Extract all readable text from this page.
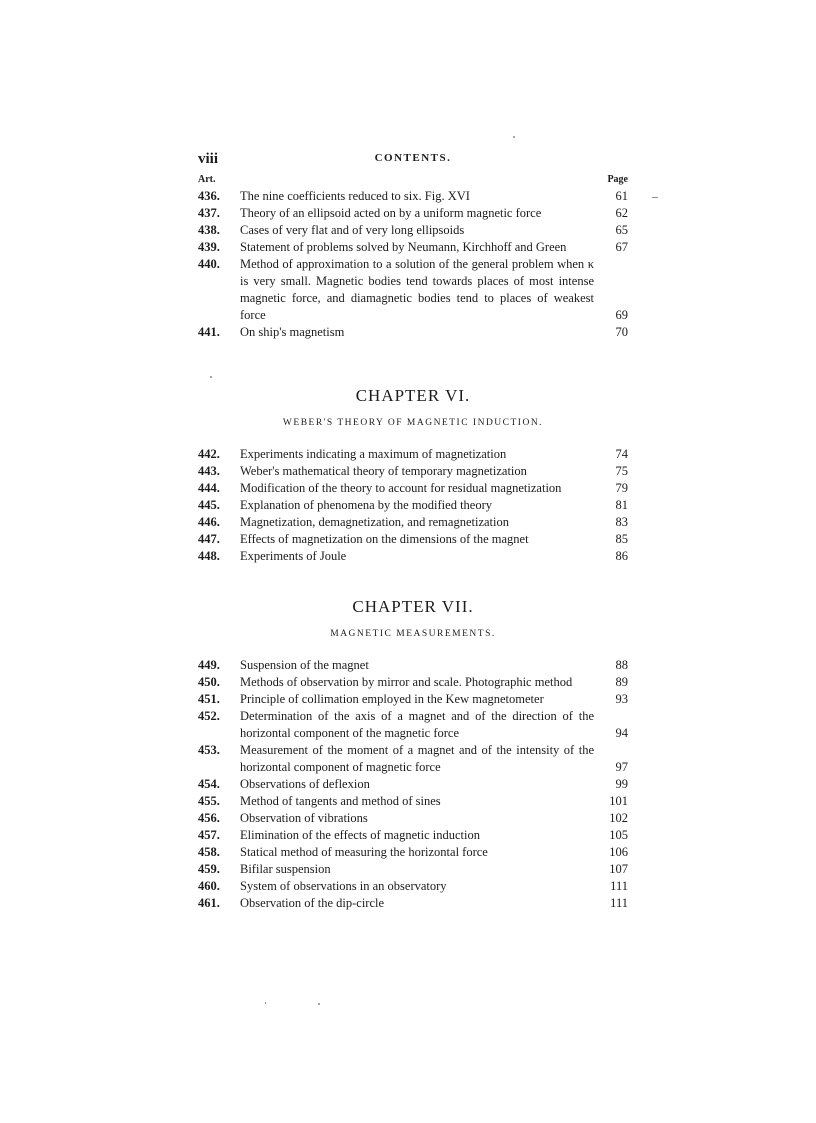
viii	CONTENTS.
Art.	Page
436.	The nine coefficients reduced to six. Fig. XVI	61
437.	Theory of an ellipsoid acted on by a uniform magnetic force	62
438.	Cases of very flat and of very long ellipsoids	65
439.	Statement of problems solved by Neumann, Kirchhoff and Green	67
440.	Method of approximation to a solution of the general problem when κ is very small. Magnetic bodies tend towards places of most intense magnetic force, and diamagnetic bodies tend to places of weakest force	69
441.	On ship's magnetism	70
CHAPTER VI.
WEBER'S THEORY OF MAGNETIC INDUCTION.
442.	Experiments indicating a maximum of magnetization	74
443.	Weber's mathematical theory of temporary magnetization	75
444.	Modification of the theory to account for residual magnetization	79
445.	Explanation of phenomena by the modified theory	81
446.	Magnetization, demagnetization, and remagnetization	83
447.	Effects of magnetization on the dimensions of the magnet	85
448.	Experiments of Joule	86
CHAPTER VII.
MAGNETIC MEASUREMENTS.
449.	Suspension of the magnet	88
450.	Methods of observation by mirror and scale. Photographic method	89
451.	Principle of collimation employed in the Kew magnetometer	93
452.	Determination of the axis of a magnet and of the direction of the horizontal component of the magnetic force	94
453.	Measurement of the moment of a magnet and of the intensity of the horizontal component of magnetic force	97
454.	Observations of deflexion	99
455.	Method of tangents and method of sines	101
456.	Observation of vibrations	102
457.	Elimination of the effects of magnetic induction	105
458.	Statical method of measuring the horizontal force	106
459.	Bifilar suspension	107
460.	System of observations in an observatory	111
461.	Observation of the dip-circle	111
